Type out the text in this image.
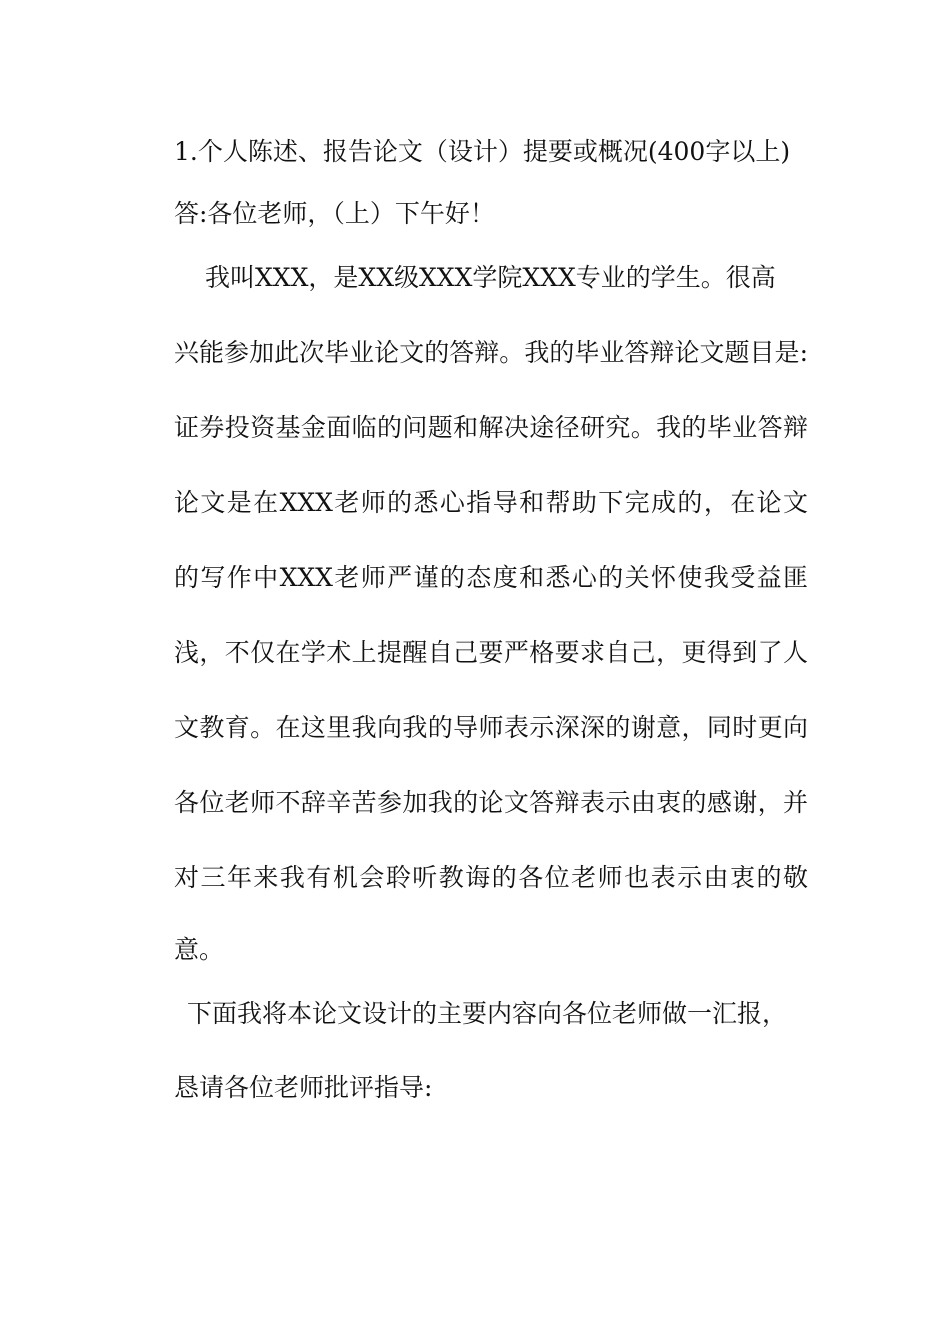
1.个人陈述、报告论文（设计）提要或概况(400字以上)
答:各位老师，（上）下午好！
我叫XXX，是XX级XXX学院XXX专业的学生。很高
兴能参加此次毕业论文的答辩。我的毕业答辩论文题目是:
证券投资基金面临的问题和解决途径研究。我的毕业答辩
论文是在XXX老师的悉心指导和帮助下完成的，在论文
的写作中XXX老师严谨的态度和悉心的关怀使我受益匪
浅，不仅在学术上提醒自己要严格要求自己，更得到了人
文教育。在这里我向我的导师表示深深的谢意，同时更向
各位老师不辞辛苦参加我的论文答辩表示由衷的感谢，并
对三年来我有机会聆听教诲的各位老师也表示由衷的敬
意。
下面我将本论文设计的主要内容向各位老师做一汇报，
恳请各位老师批评指导:
